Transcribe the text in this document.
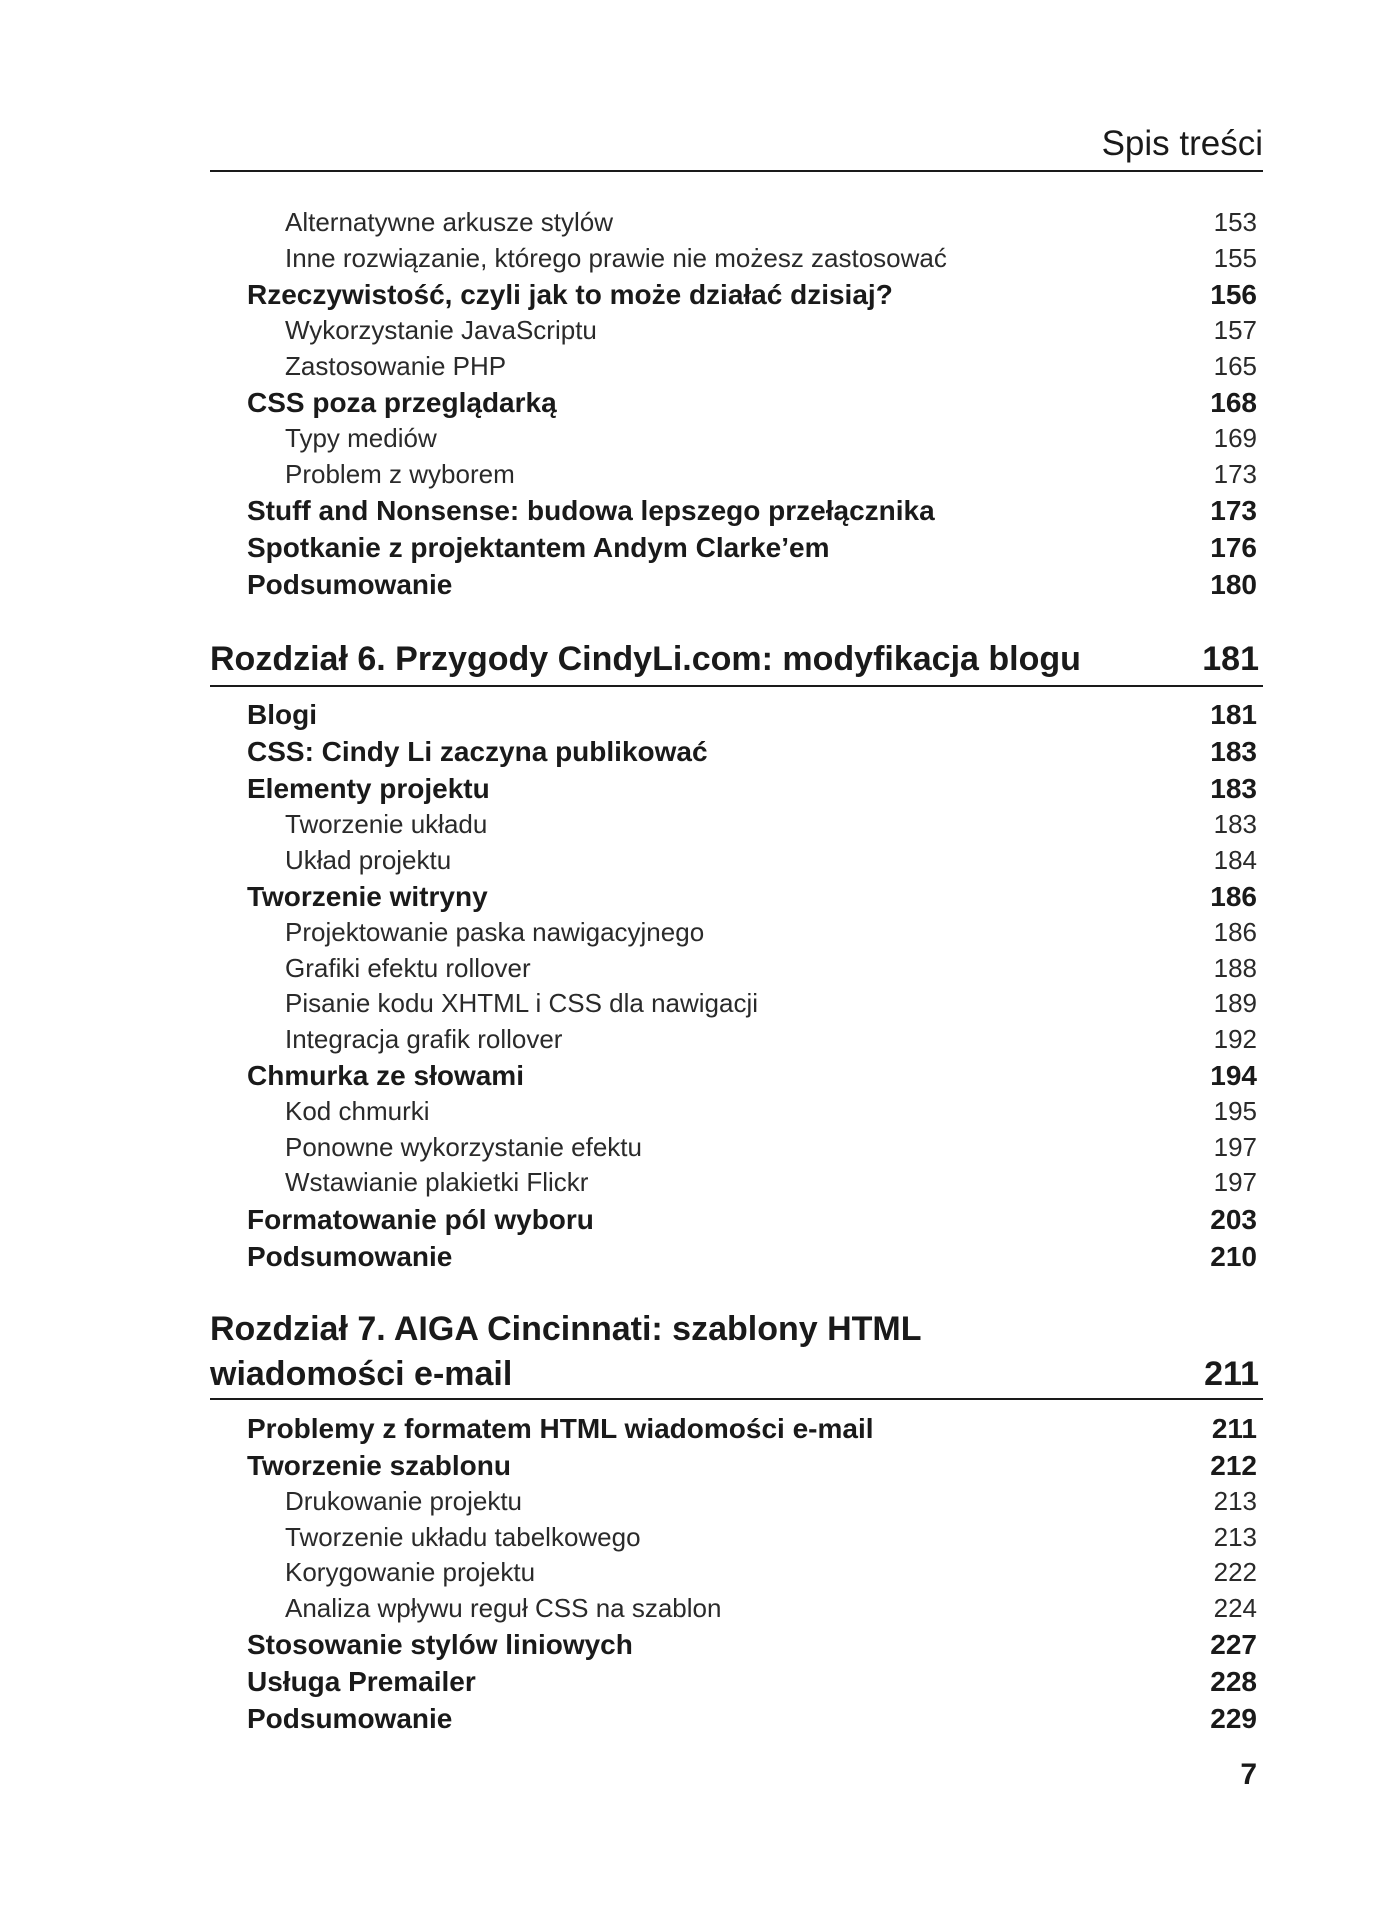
Spis treści
Alternatywne arkusze stylów	153
Inne rozwiązanie, którego prawie nie możesz zastosować	155
Rzeczywistość, czyli jak to może działać dzisiaj?	156
Wykorzystanie JavaScriptu	157
Zastosowanie PHP	165
CSS poza przeglądarką	168
Typy mediów	169
Problem z wyborem	173
Stuff and Nonsense: budowa lepszego przełącznika	173
Spotkanie z projektantem Andym Clarke’em	176
Podsumowanie	180
Rozdział 6. Przygody CindyLi.com: modyfikacja blogu	181
Blogi	181
CSS: Cindy Li zaczyna publikować	183
Elementy projektu	183
Tworzenie układu	183
Układ projektu	184
Tworzenie witryny	186
Projektowanie paska nawigacyjnego	186
Grafiki efektu rollover	188
Pisanie kodu XHTML i CSS dla nawigacji	189
Integracja grafik rollover	192
Chmurka ze słowami	194
Kod chmurki	195
Ponowne wykorzystanie efektu	197
Wstawianie plakietki Flickr	197
Formatowanie pól wyboru	203
Podsumowanie	210
Rozdział 7. AIGA Cincinnati: szablony HTML
wiadomości e-mail	211
Problemy z formatem HTML wiadomości e-mail	211
Tworzenie szablonu	212
Drukowanie projektu	213
Tworzenie układu tabelkowego	213
Korygowanie projektu	222
Analiza wpływu reguł CSS na szablon	224
Stosowanie stylów liniowych	227
Usługa Premailer	228
Podsumowanie	229
7
